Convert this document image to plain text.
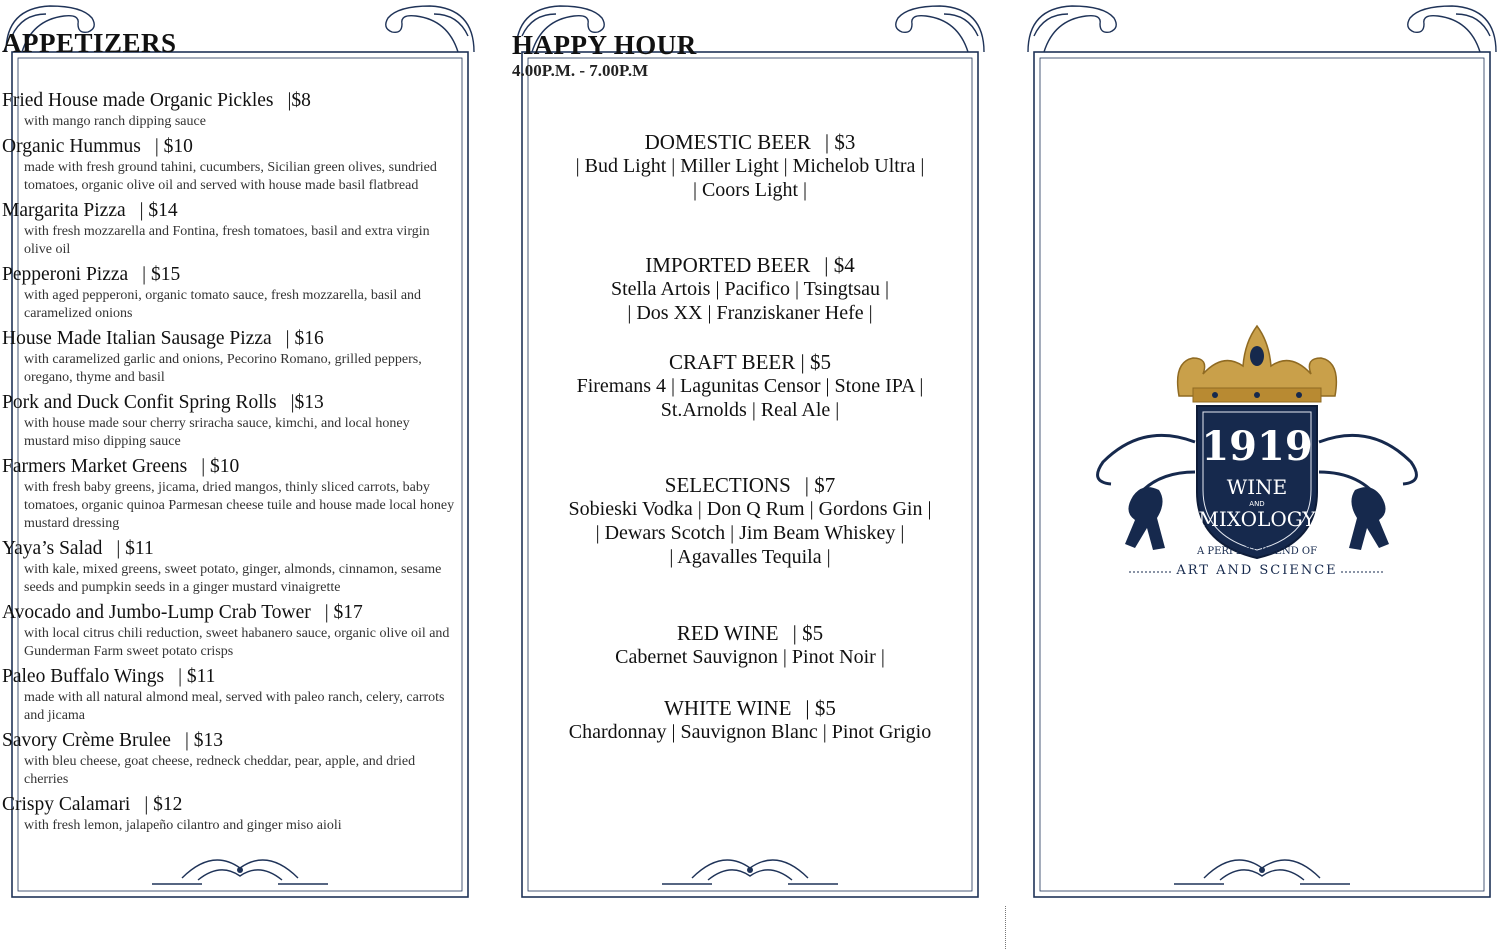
APPETIZERS
Fried House made Organic Pickles |$8
with mango ranch dipping sauce
Organic Hummus | $10
made with fresh ground tahini, cucumbers, Sicilian green olives, sundried tomatoes, organic olive oil and served with house made basil flatbread
Margarita Pizza | $14
with fresh mozzarella and Fontina, fresh tomatoes, basil and extra virgin olive oil
Pepperoni Pizza | $15
with aged pepperoni, organic tomato sauce, fresh mozzarella, basil and caramelized onions
House Made Italian Sausage Pizza | $16
with caramelized garlic and onions, Pecorino Romano, grilled peppers, oregano, thyme and basil
Pork and Duck Confit Spring Rolls |$13
with house made sour cherry sriracha sauce, kimchi, and local honey mustard miso dipping sauce
Farmers Market Greens | $10
with fresh baby greens, jicama, dried mangos, thinly sliced carrots, baby tomatoes, organic quinoa Parmesan cheese tuile and house made local honey mustard dressing
Yaya’s Salad | $11
with kale, mixed greens, sweet potato, ginger, almonds, cinnamon, sesame seeds and pumpkin seeds in a ginger mustard vinaigrette
Avocado and Jumbo-Lump Crab Tower | $17
with local citrus chili reduction, sweet habanero sauce, organic olive oil and Gunderman Farm sweet potato crisps
Paleo Buffalo Wings | $11
made with all natural almond meal, served with paleo ranch, celery, carrots and jicama
Savory Crème Brulee | $13
with bleu cheese, goat cheese, redneck cheddar, pear, apple, and dried cherries
Crispy Calamari | $12
with fresh lemon, jalapeño cilantro and ginger miso aioli
HAPPY HOUR
4.00P.M. - 7.00P.M
DOMESTIC BEER | $3
| Bud Light | Miller Light | Michelob Ultra |
| Coors Light |
IMPORTED BEER | $4
Stella Artois | Pacifico | Tsingtsau |
| Dos XX | Franziskaner Hefe |
CRAFT BEER | $5
Firemans 4 | Lagunitas Censor | Stone IPA |
St.Arnolds | Real Ale |
SELECTIONS | $7
Sobieski Vodka | Don Q Rum | Gordons Gin |
| Dewars Scotch | Jim Beam Whiskey |
| Agavalles Tequila |
RED WINE | $5
Cabernet Sauvignon | Pinot Noir |
WHITE WINE | $5
Chardonnay | Sauvignon Blanc | Pinot Grigio
1919
WINE
AND
MIXOLOGY
A PERFECT BLEND OF
ART AND SCIENCE
